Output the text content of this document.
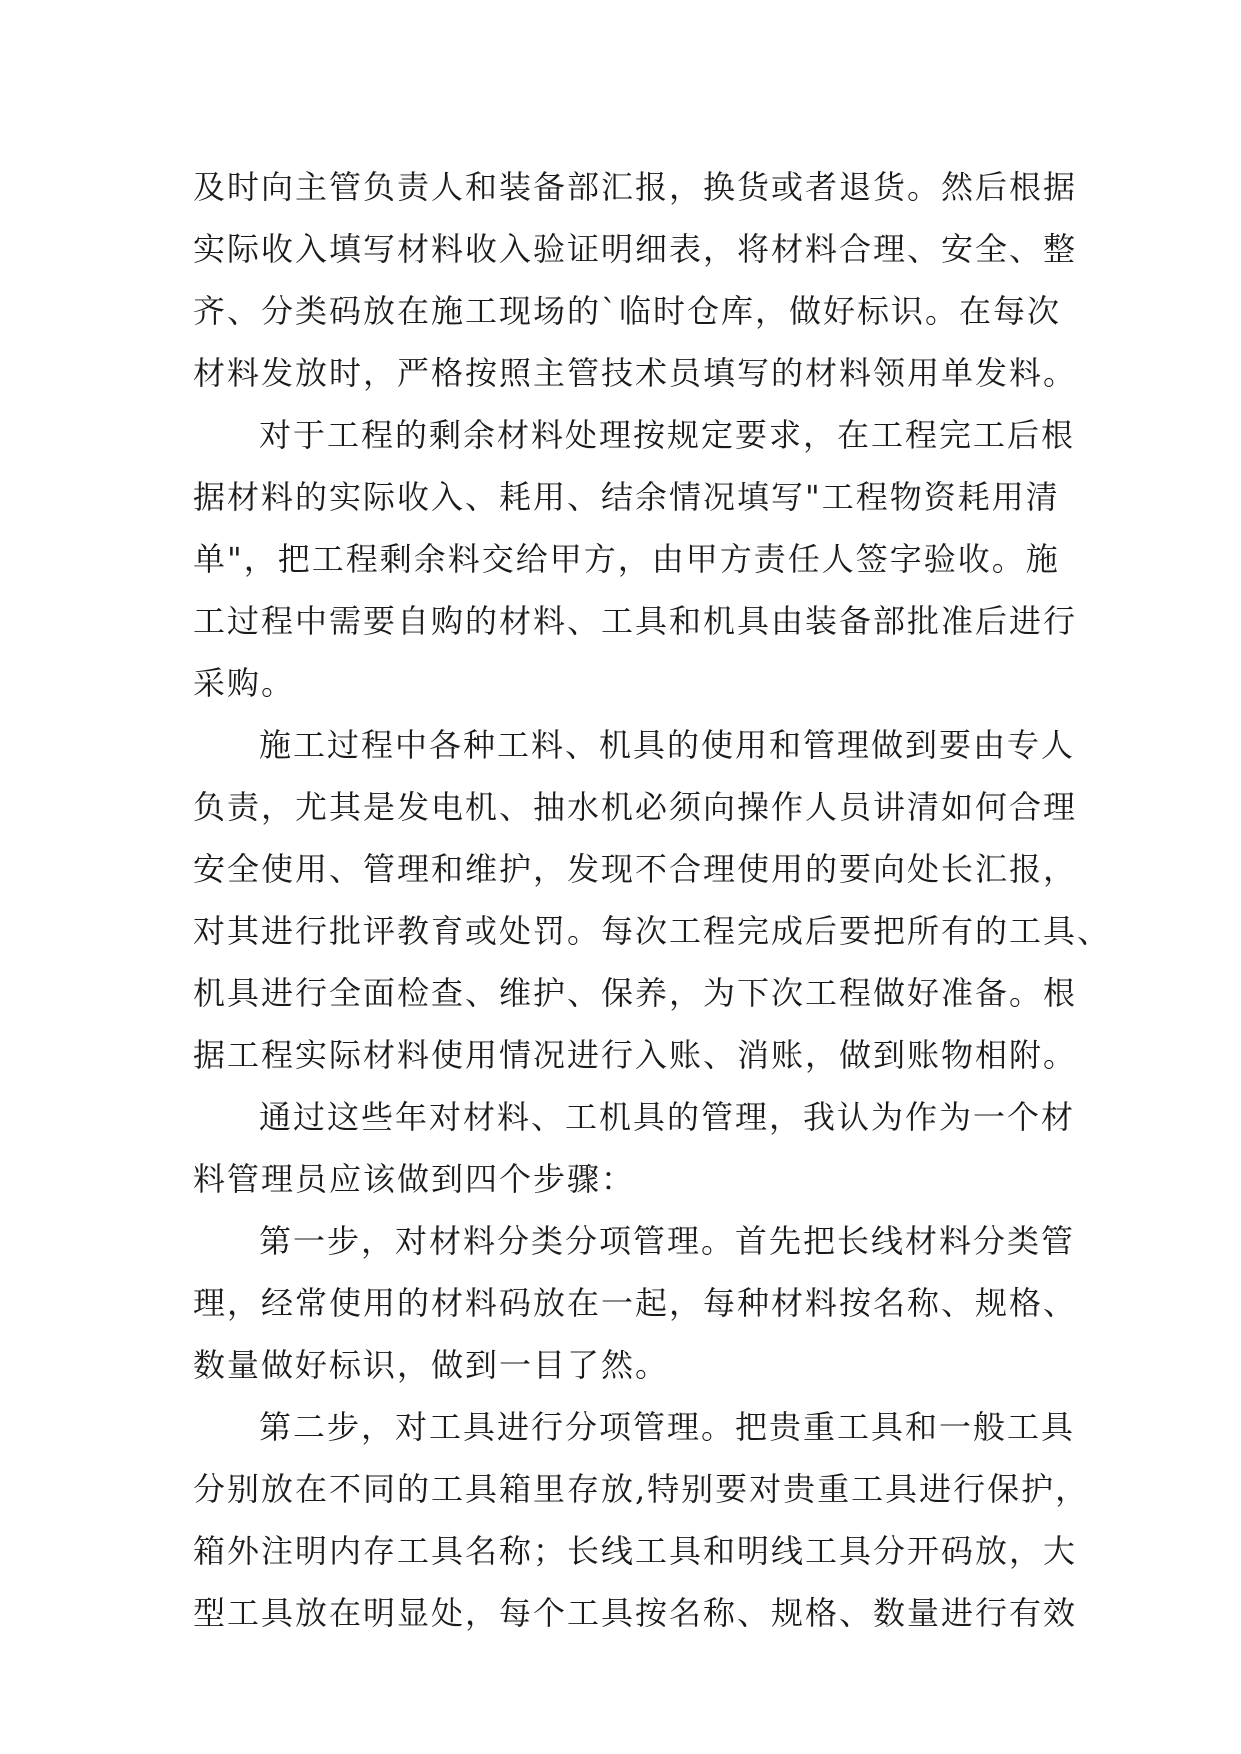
及时向主管负责人和装备部汇报，换货或者退货。然后根据
实际收入填写材料收入验证明细表，将材料合理、安全、整
齐、分类码放在施工现场的`临时仓库，做好标识。在每次
材料发放时，严格按照主管技术员填写的材料领用单发料。
对于工程的剩余材料处理按规定要求，在工程完工后根
据材料的实际收入、耗用、结余情况填写"工程物资耗用清
单"，把工程剩余料交给甲方，由甲方责任人签字验收。施
工过程中需要自购的材料、工具和机具由装备部批准后进行
采购。
施工过程中各种工料、机具的使用和管理做到要由专人
负责，尤其是发电机、抽水机必须向操作人员讲清如何合理
安全使用、管理和维护，发现不合理使用的要向处长汇报，
对其进行批评教育或处罚。每次工程完成后要把所有的工具、
机具进行全面检查、维护、保养，为下次工程做好准备。根
据工程实际材料使用情况进行入账、消账，做到账物相附。
通过这些年对材料、工机具的管理，我认为作为一个材
料管理员应该做到四个步骤：
第一步，对材料分类分项管理。首先把长线材料分类管
理，经常使用的材料码放在一起，每种材料按名称、规格、
数量做好标识，做到一目了然。
第二步，对工具进行分项管理。把贵重工具和一般工具
分别放在不同的工具箱里存放,特别要对贵重工具进行保护，
箱外注明内存工具名称；长线工具和明线工具分开码放，大
型工具放在明显处，每个工具按名称、规格、数量进行有效
